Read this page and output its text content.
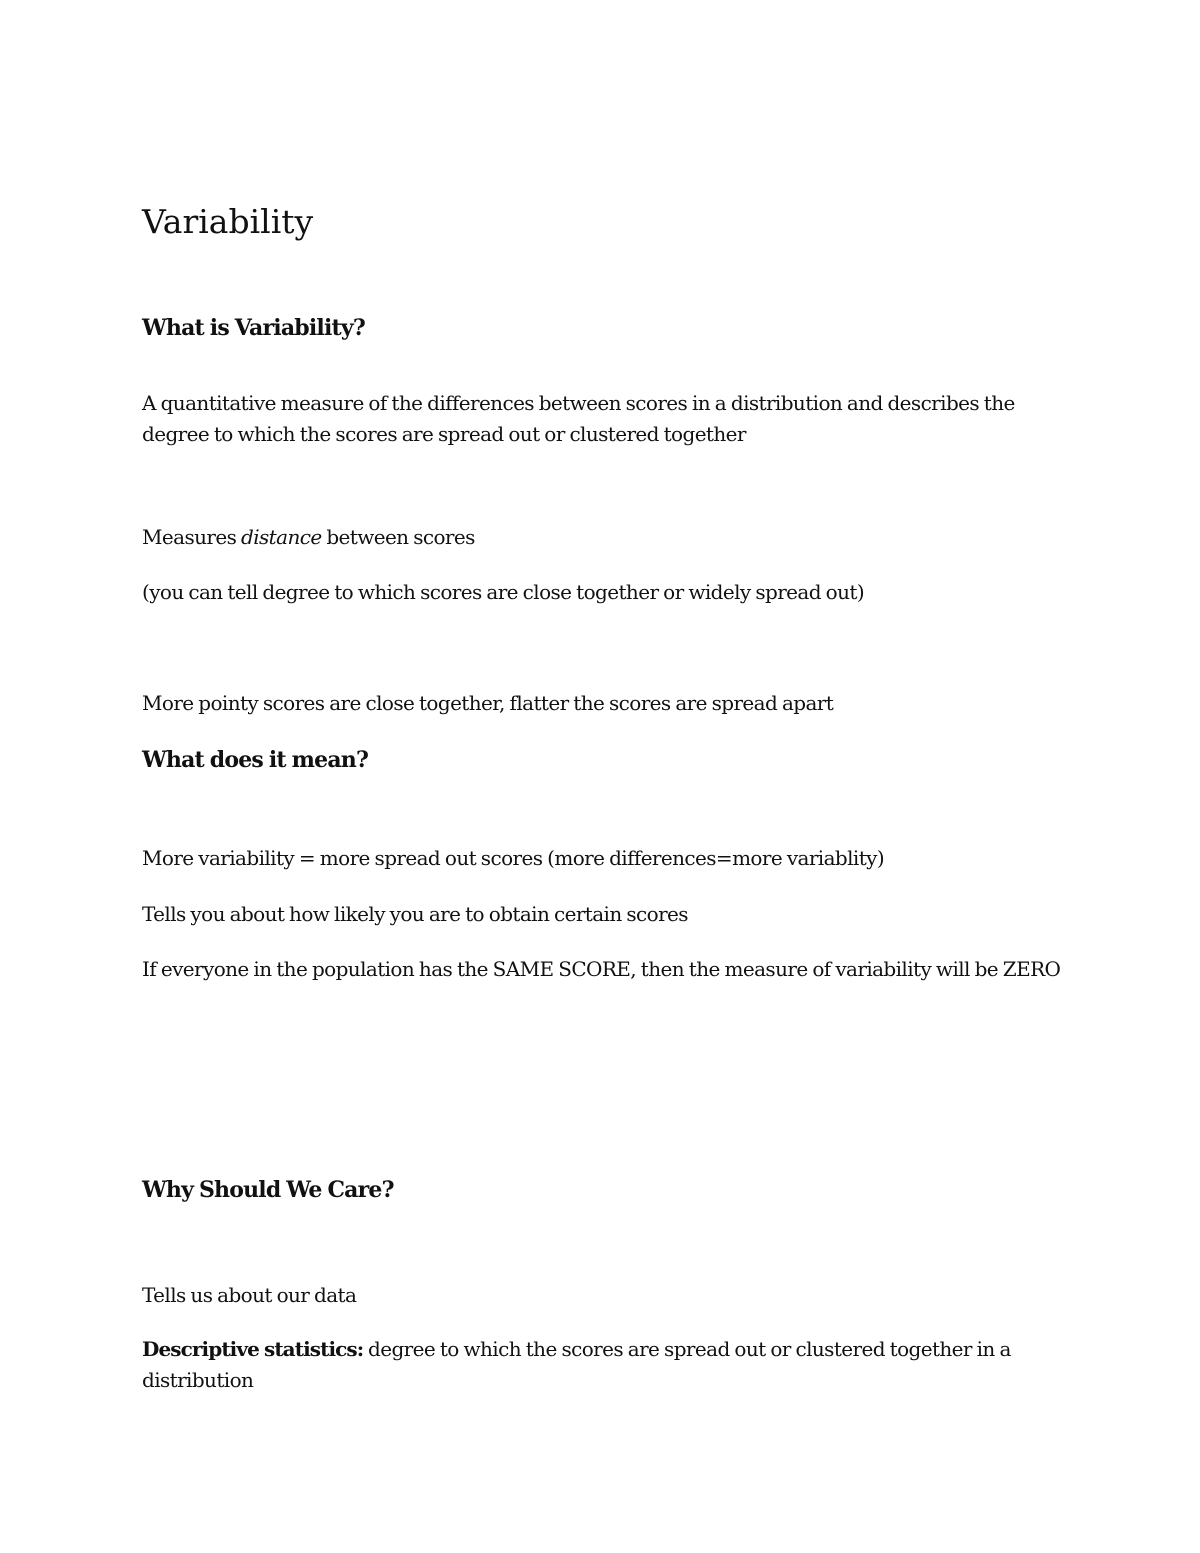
Variability
What is Variability?

A quantitative measure of the differences between scores in a distribution and describes the degree to which the scores are spread out or clustered together

Measures distance between scores

(you can tell degree to which scores are close together or widely spread out)

More pointy scores are close together, flatter the scores are spread apart

What does it mean?

More variability = more spread out scores (more differences=more variablity)

Tells you about how likely you are to obtain certain scores

If everyone in the population has the SAME SCORE, then the measure of variability will be ZERO

Why Should We Care?

Tells us about our data

Descriptive statistics: degree to which the scores are spread out or clustered together in a distribution
